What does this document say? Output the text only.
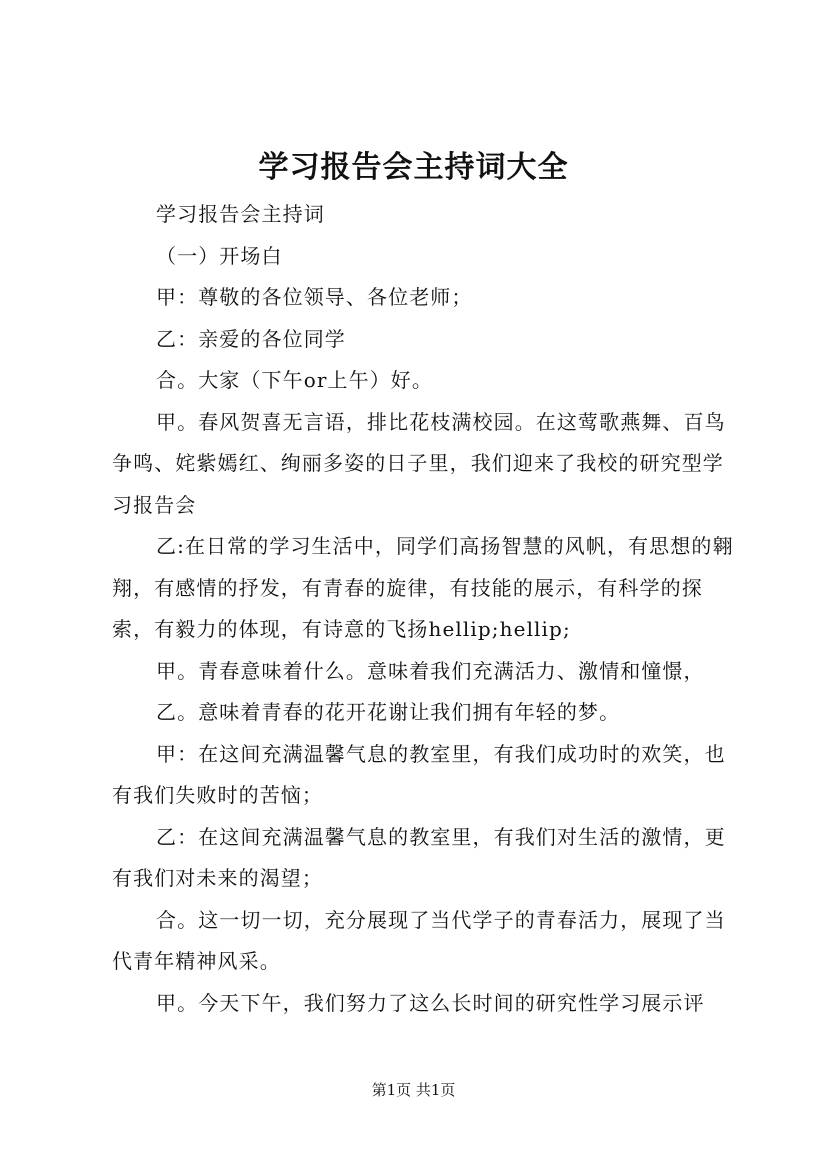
学习报告会主持词大全

学习报告会主持词

（一）开场白

甲：尊敬的各位领导、各位老师；

乙：亲爱的各位同学

合。大家（下午or上午）好。

甲。春风贺喜无言语，排比花枝满校园。在这莺歌燕舞、百鸟争鸣、姹紫嫣红、绚丽多姿的日子里，我们迎来了我校的研究型学习报告会

乙:在日常的学习生活中，同学们高扬智慧的风帆，有思想的翱翔，有感情的抒发，有青春的旋律，有技能的展示，有科学的探索，有毅力的体现，有诗意的飞扬hellip;hellip;

甲。青春意味着什么。意味着我们充满活力、激情和憧憬，

乙。意味着青春的花开花谢让我们拥有年轻的梦。

甲：在这间充满温馨气息的教室里，有我们成功时的欢笑，也有我们失败时的苦恼；

乙：在这间充满温馨气息的教室里，有我们对生活的激情，更有我们对未来的渴望；

合。这一切一切，充分展现了当代学子的青春活力，展现了当代青年精神风采。

甲。今天下午，我们努力了这么长时间的研究性学习展示评

第1页 共1页
